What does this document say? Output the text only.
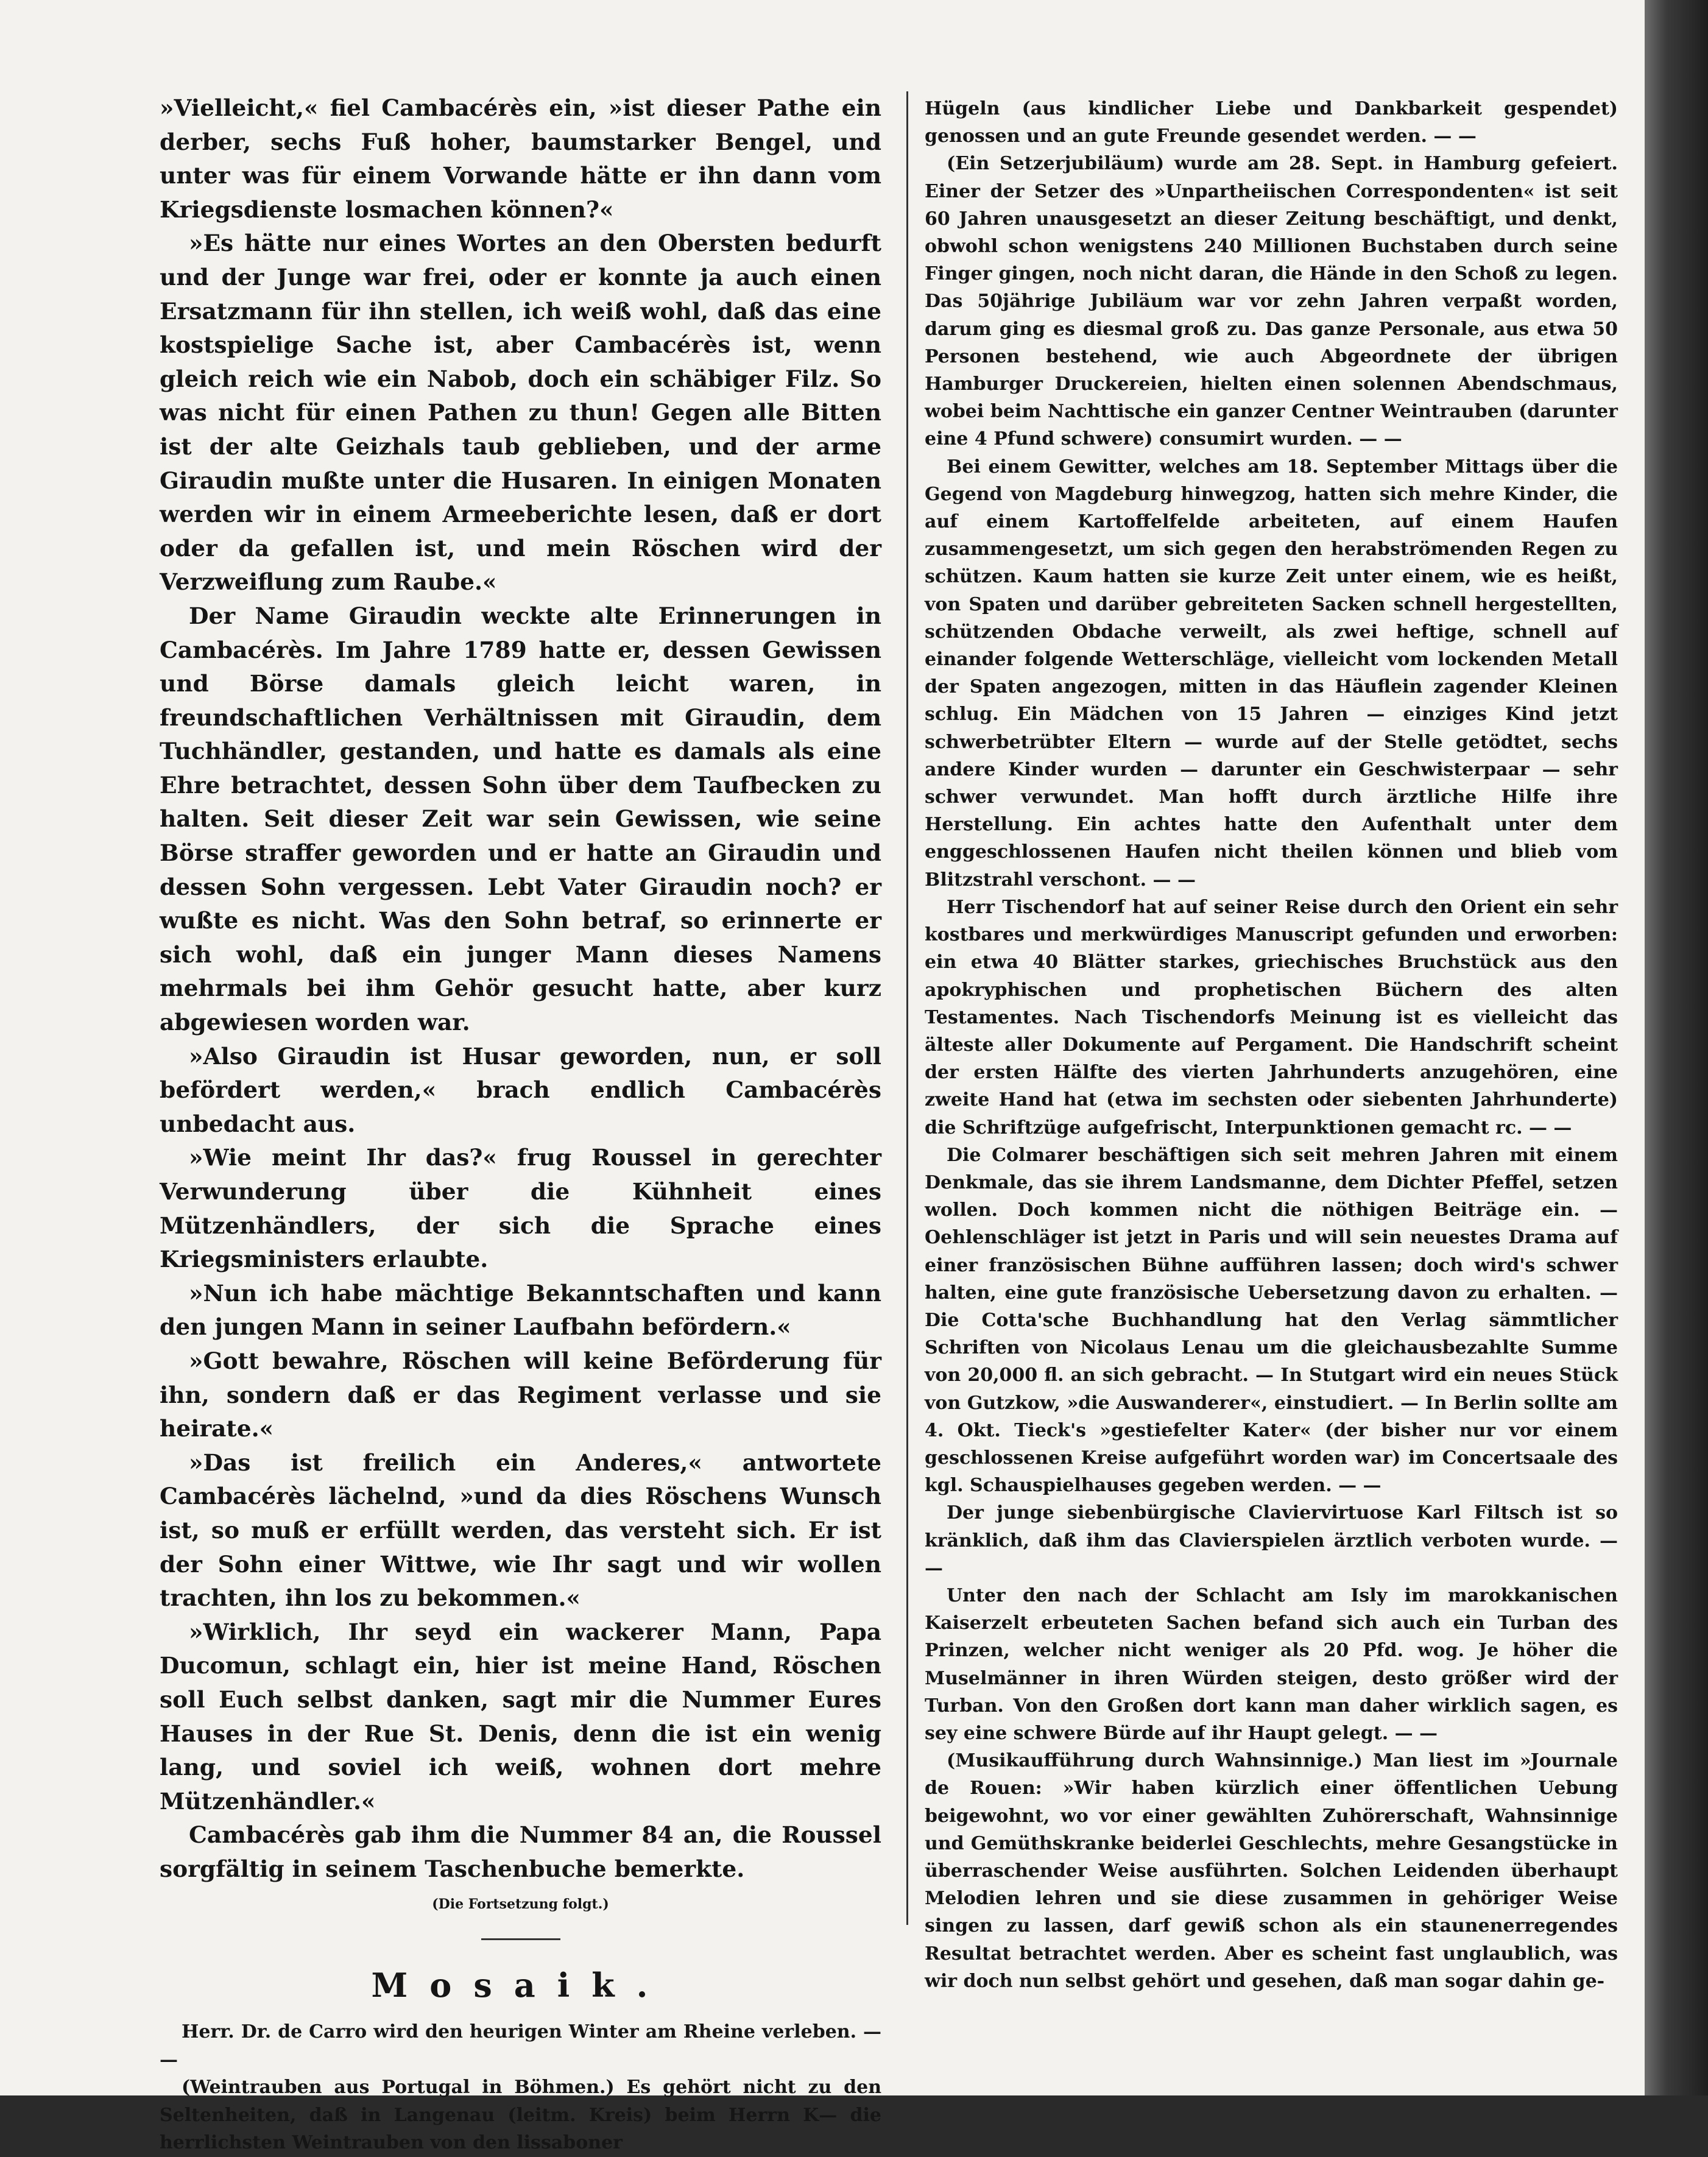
»Vielleicht,« fiel Cambacérès ein, »ist dieser Pathe ein derber, sechs Fuß hoher, baumstarker Bengel, und unter was für einem Vorwande hätte er ihn dann vom Kriegsdienste losmachen können?«

»Es hätte nur eines Wortes an den Obersten bedurft und der Junge war frei, oder er konnte ja auch einen Ersatzmann für ihn stellen, ich weiß wohl, daß das eine kostspielige Sache ist, aber Cambacérès ist, wenn gleich reich wie ein Nabob, doch ein schäbiger Filz. So was nicht für einen Pathen zu thun! Gegen alle Bitten ist der alte Geizhals taub geblieben, und der arme Giraudin mußte unter die Husaren. In einigen Monaten werden wir in einem Armeeberichte lesen, daß er dort oder da gefallen ist, und mein Röschen wird der Verzweiflung zum Raube.«

Der Name Giraudin weckte alte Erinnerungen in Cambacérès. Im Jahre 1789 hatte er, dessen Gewissen und Börse damals gleich leicht waren, in freundschaftlichen Verhältnissen mit Giraudin, dem Tuchhändler, gestanden, und hatte es damals als eine Ehre betrachtet, dessen Sohn über dem Taufbecken zu halten. Seit dieser Zeit war sein Gewissen, wie seine Börse straffer geworden und er hatte an Giraudin und dessen Sohn vergessen. Lebt Vater Giraudin noch? er wußte es nicht. Was den Sohn betraf, so erinnerte er sich wohl, daß ein junger Mann dieses Namens mehrmals bei ihm Gehör gesucht hatte, aber kurz abgewiesen worden war.

»Also Giraudin ist Husar geworden, nun, er soll befördert werden,« brach endlich Cambacérès unbedacht aus.

»Wie meint Ihr das?« frug Roussel in gerechter Verwunderung über die Kühnheit eines Mützenhändlers, der sich die Sprache eines Kriegsministers erlaubte.

»Nun ich habe mächtige Bekanntschaften und kann den jungen Mann in seiner Laufbahn befördern.«

»Gott bewahre, Röschen will keine Beförderung für ihn, sondern daß er das Regiment verlasse und sie heirate.«

»Das ist freilich ein Anderes,« antwortete Cambacérès lächelnd, »und da dies Röschens Wunsch ist, so muß er erfüllt werden, das versteht sich. Er ist der Sohn einer Wittwe, wie Ihr sagt und wir wollen trachten, ihn los zu bekommen.«

»Wirklich, Ihr seyd ein wackerer Mann, Papa Ducomun, schlagt ein, hier ist meine Hand, Röschen soll Euch selbst danken, sagt mir die Nummer Eures Hauses in der Rue St. Denis, denn die ist ein wenig lang, und soviel ich weiß, wohnen dort mehre Mützenhändler.«

Cambacérès gab ihm die Nummer 84 an, die Roussel sorgfältig in seinem Taschenbuche bemerkte.

(Die Fortsetzung folgt.)

Mosaik.

Herr. Dr. de Carro wird den heurigen Winter am Rheine verleben. — —

(Weintrauben aus Portugal in Böhmen.) Es gehört nicht zu den Seltenheiten, daß in Langenau (leitm. Kreis) beim Herrn K— die herrlichsten Weintrauben von den lissaboner

Hügeln (aus kindlicher Liebe und Dankbarkeit gespendet) genossen und an gute Freunde gesendet werden. — —

(Ein Setzerjubiläum) wurde am 28. Sept. in Hamburg gefeiert. Einer der Setzer des »Unpartheiischen Correspondenten« ist seit 60 Jahren unausgesetzt an dieser Zeitung beschäftigt, und denkt, obwohl schon wenigstens 240 Millionen Buchstaben durch seine Finger gingen, noch nicht daran, die Hände in den Schoß zu legen. Das 50jährige Jubiläum war vor zehn Jahren verpaßt worden, darum ging es diesmal groß zu. Das ganze Personale, aus etwa 50 Personen bestehend, wie auch Abgeordnete der übrigen Hamburger Druckereien, hielten einen solennen Abendschmaus, wobei beim Nachttische ein ganzer Centner Weintrauben (darunter eine 4 Pfund schwere) consumirt wurden. — —

Bei einem Gewitter, welches am 18. September Mittags über die Gegend von Magdeburg hinwegzog, hatten sich mehre Kinder, die auf einem Kartoffelfelde arbeiteten, auf einem Haufen zusammengesetzt, um sich gegen den herabströmenden Regen zu schützen. Kaum hatten sie kurze Zeit unter einem, wie es heißt, von Spaten und darüber gebreiteten Sacken schnell hergestellten, schützenden Obdache verweilt, als zwei heftige, schnell auf einander folgende Wetterschläge, vielleicht vom lockenden Metall der Spaten angezogen, mitten in das Häuflein zagender Kleinen schlug. Ein Mädchen von 15 Jahren — einziges Kind jetzt schwerbetrübter Eltern — wurde auf der Stelle getödtet, sechs andere Kinder wurden — darunter ein Geschwisterpaar — sehr schwer verwundet. Man hofft durch ärztliche Hilfe ihre Herstellung. Ein achtes hatte den Aufenthalt unter dem enggeschlossenen Haufen nicht theilen können und blieb vom Blitzstrahl verschont. — —

Herr Tischendorf hat auf seiner Reise durch den Orient ein sehr kostbares und merkwürdiges Manuscript gefunden und erworben: ein etwa 40 Blätter starkes, griechisches Bruchstück aus den apokryphischen und prophetischen Büchern des alten Testamentes. Nach Tischendorfs Meinung ist es vielleicht das älteste aller Dokumente auf Pergament. Die Handschrift scheint der ersten Hälfte des vierten Jahrhunderts anzugehören, eine zweite Hand hat (etwa im sechsten oder siebenten Jahrhunderte) die Schriftzüge aufgefrischt, Interpunktionen gemacht rc. — —

Die Colmarer beschäftigen sich seit mehren Jahren mit einem Denkmale, das sie ihrem Landsmanne, dem Dichter Pfeffel, setzen wollen. Doch kommen nicht die nöthigen Beiträge ein. — Oehlenschläger ist jetzt in Paris und will sein neuestes Drama auf einer französischen Bühne aufführen lassen; doch wird's schwer halten, eine gute französische Uebersetzung davon zu erhalten. — Die Cotta'sche Buchhandlung hat den Verlag sämmtlicher Schriften von Nicolaus Lenau um die gleichausbezahlte Summe von 20,000 fl. an sich gebracht. — In Stutgart wird ein neues Stück von Gutzkow, »die Auswanderer«, einstudiert. — In Berlin sollte am 4. Okt. Tieck's »gestiefelter Kater« (der bisher nur vor einem geschlossenen Kreise aufgeführt worden war) im Concertsaale des kgl. Schauspielhauses gegeben werden. — —

Der junge siebenbürgische Claviervirtuose Karl Filtsch ist so kränklich, daß ihm das Clavierspielen ärztlich verboten wurde. — —

Unter den nach der Schlacht am Isly im marokkanischen Kaiserzelt erbeuteten Sachen befand sich auch ein Turban des Prinzen, welcher nicht weniger als 20 Pfd. wog. Je höher die Muselmänner in ihren Würden steigen, desto größer wird der Turban. Von den Großen dort kann man daher wirklich sagen, es sey eine schwere Bürde auf ihr Haupt gelegt. — —

(Musikaufführung durch Wahnsinnige.) Man liest im »Journale de Rouen: »Wir haben kürzlich einer öffentlichen Uebung beigewohnt, wo vor einer gewählten Zuhörerschaft, Wahnsinnige und Gemüthskranke beiderlei Geschlechts, mehre Gesangstücke in überraschender Weise ausführten. Solchen Leidenden überhaupt Melodien lehren und sie diese zusammen in gehöriger Weise singen zu lassen, darf gewiß schon als ein staunenerregendes Resultat betrachtet werden. Aber es scheint fast unglaublich, was wir doch nun selbst gehört und gesehen, daß man sogar dahin ge-
